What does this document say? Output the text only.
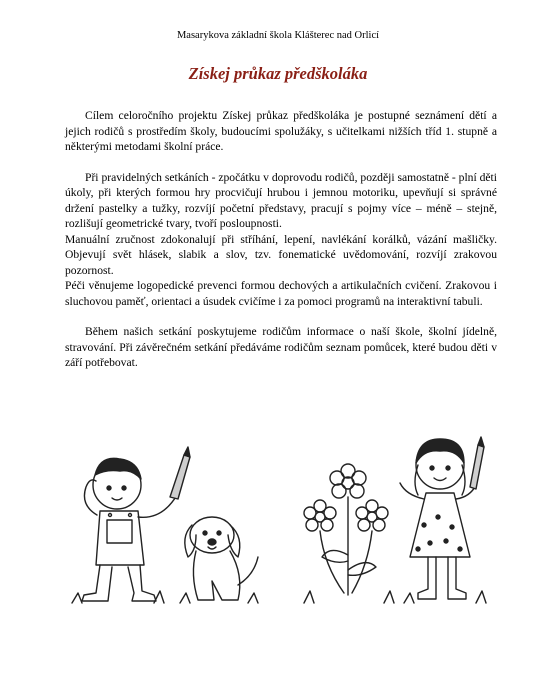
Masarykova základní škola Klášterec nad Orlicí
Získej průkaz předškoláka

Cílem celoročního projektu Získej průkaz předškoláka je postupné seznámení dětí a jejich rodičů s prostředím školy, budoucími spolužáky, s učitelkami nižších tříd 1. stupně a některými metodami školní práce.

Při pravidelných setkáních - zpočátku v doprovodu rodičů, později samostatně - plní děti úkoly, při kterých formou hry procvičují hrubou i jemnou motoriku, upevňují si správné držení pastelky a tužky, rozvíjí početní představy, pracují s pojmy více – méně – stejně, rozlišují geometrické tvary, tvoří posloupnosti.

Manuální zručnost zdokonalují při stříhání, lepení, navlékání korálků, vázání mašličky. Objevují svět hlásek, slabik a slov, tzv. fonematické uvědomování, rozvíjí zrakovou pozornost.

Péči věnujeme logopedické prevenci formou dechových a artikulačních cvičení. Zrakovou i sluchovou paměť, orientaci a úsudek cvičíme i za pomoci programů na interaktivní tabuli.

Během našich setkání poskytujeme rodičům informace o naší škole, školní jídelně, stravování. Při závěrečném setkání předáváme rodičům seznam pomůcek, které budou děti v září potřebovat.
